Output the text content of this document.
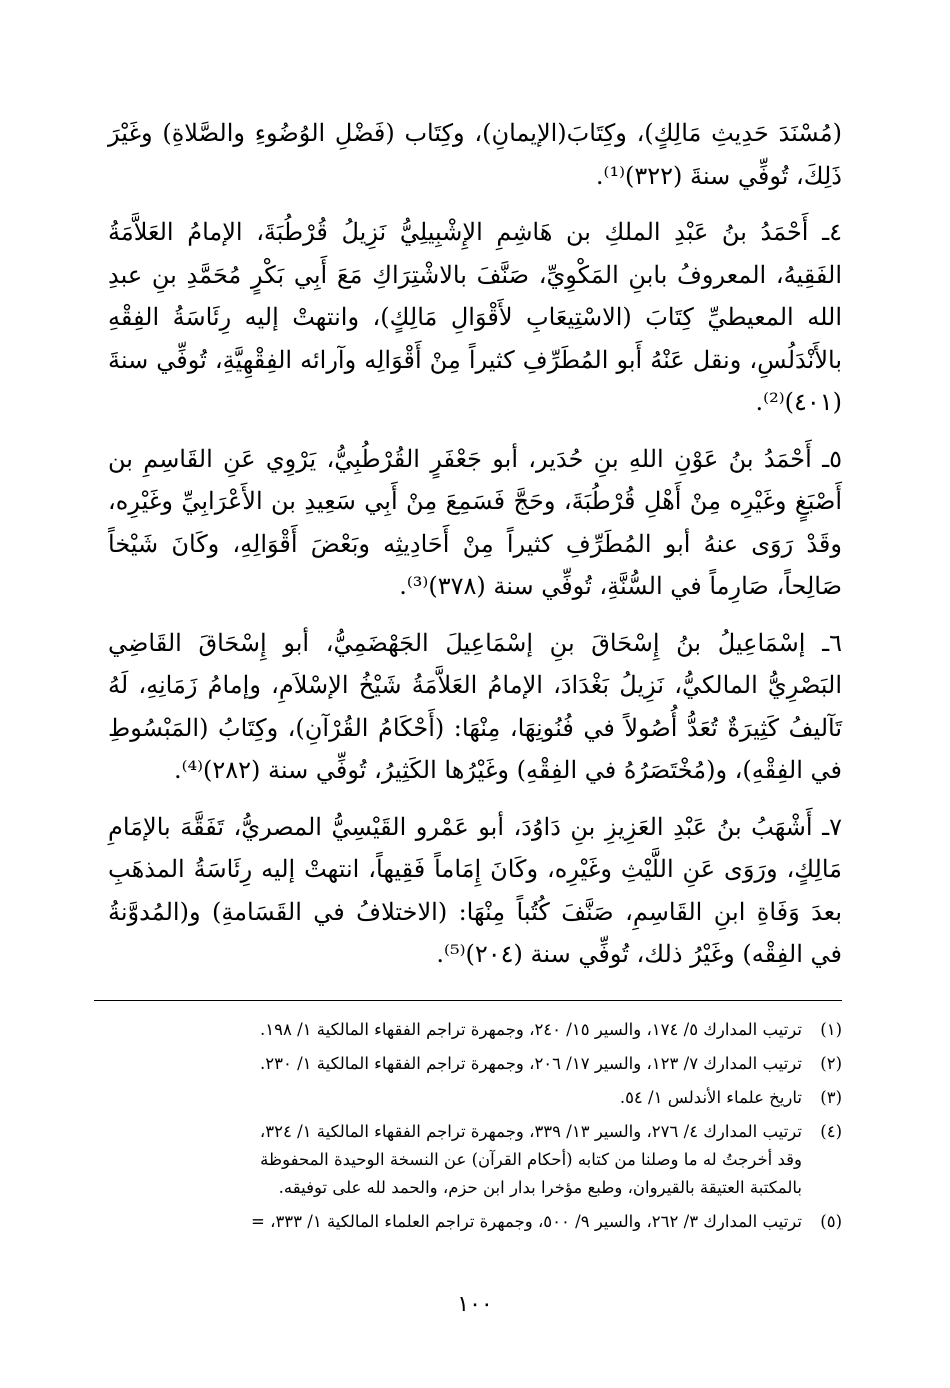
(مُسْنَدَ حَدِيثِ مَالِكٍ)، وكِتَابَ(الإيمانِ)، وكِتَاب (فَضْلِ الوُضُوءِ والصَّلاةِ) وغَيْرَ ذَلِكَ، تُوفِّي سنةَ (٣٢٢)⁽¹⁾.

٤ـ أَحْمَدُ بنُ عَبْدِ الملكِ بن هَاشِمِ الإِشْبِيلِيُّ نَزِيلُ قُرْطُبَةَ، الإمامُ العَلاَّمَةُ الفَقِيهُ، المعروفُ بابنِ المَكْوِيِّ، صَنَّفَ بالاشْتِرَاكِ مَعَ أَبِي بَكْرٍ مُحَمَّدِ بنِ عبدِ الله المعيطيِّ كِتَابَ (الاسْتِيعَابِ لأَقْوَالِ مَالِكٍ)، وانتهتْ إليه رِئَاسَةُ الفِقْهِ بالأَنْدَلُسِ، ونقل عَنْهُ أَبو المُطَرِّفِ كثيراً مِنْ أَقْوَالِه وآرائه الفِقْهِيَّةِ، تُوفِّي سنةَ (٤٠١)⁽²⁾.

٥ـ أَحْمَدُ بنُ عَوْنِ اللهِ بنِ حُدَير، أبو جَعْفَرٍ القُرْطُبِيُّ، يَرْوِي عَنِ القَاسِمِ بن أَصْبَغٍ وغَيْرِه مِنْ أَهْلِ قُرْطُبَةَ، وحَجَّ فَسَمِعَ مِنْ أَبِي سَعِيدِ بن الأَعْرَابِيِّ وغَيْرِه، وقَدْ رَوَى عنهُ أبو المُطَرِّفِ كثيراً مِنْ أَحَادِيثِه وبَعْضَ أَقْوَالِهِ، وكَانَ شَيْخاً صَالِحاً، صَارِماً في السُّنَّةِ، تُوفِّي سنة (٣٧٨)⁽³⁾.

٦ـ إسْمَاعِيلُ بنُ إِسْحَاقَ بنِ إسْمَاعِيلَ الجَهْضَمِيُّ، أبو إِسْحَاقَ القَاضِي البَصْرِيُّ المالكيُّ، نَزِيلُ بَغْدَادَ، الإمامُ العَلاَّمَةُ شَيْخُ الإسْلاَمِ، وإمامُ زَمَانِهِ، لَهُ تَآليفُ كَثِيرَةٌ تُعَدُّ أُصُولاً في فُنُونِهَا، مِنْهَا: (أَحْكَامُ القُرْآنِ)، وكِتَابُ (المَبْسُوطِ في الفِقْهِ)، و(مُخْتَصَرُهُ في الفِقْهِ) وغَيْرُها الكَثِيرُ، تُوفِّي سنة (٢٨٢)⁽⁴⁾.

٧ـ أَشْهَبُ بنُ عَبْدِ العَزِيزِ بنِ دَاوُدَ، أبو عَمْرو القَيْسِيُّ المصريُّ، تَفَقَّهَ بالإمَامِ مَالِكٍ، ورَوَى عَنِ اللَّيْثِ وغَيْرِه، وكَانَ إِمَاماً فَقِيهاً، انتهتْ إليه رِئَاسَةُ المذهَبِ بعدَ وَفَاةِ ابنِ القَاسِمِ، صَنَّفَ كُتُباً مِنْهَا: (الاختلافُ في القَسَامةِ) و(المُدوَّنةُ في الفِقْه) وغَيْرُ ذلك، تُوفِّي سنة (٢٠٤)⁽⁵⁾.

(١)
ترتيب المدارك ٥/ ١٧٤، والسير ١٥/ ٢٤٠، وجمهرة تراجم الفقهاء المالكية ١/ ١٩٨.
(٢)
ترتيب المدارك ٧/ ١٢٣، والسير ١٧/ ٢٠٦، وجمهرة تراجم الفقهاء المالكية ١/ ٢٣٠.
(٣)
تاريخ علماء الأندلس ١/ ٥٤.
(٤)
ترتيب المدارك ٤/ ٢٧٦، والسير ١٣/ ٣٣٩، وجمهرة تراجم الفقهاء المالكية ١/ ٣٢٤،
وقد أخرجتُ له ما وصلنا من كتابه (أحكام القرآن) عن النسخة الوحيدة المحفوظة
بالمكتبة العتيقة بالقيروان، وطبع مؤخرا بدار ابن حزم، والحمد لله على توفيقه.
(٥)
ترتيب المدارك ٣/ ٢٦٢، والسير ٩/ ٥٠٠، وجمهرة تراجم العلماء المالكية ١/ ٣٣٣، =
١٠٠
